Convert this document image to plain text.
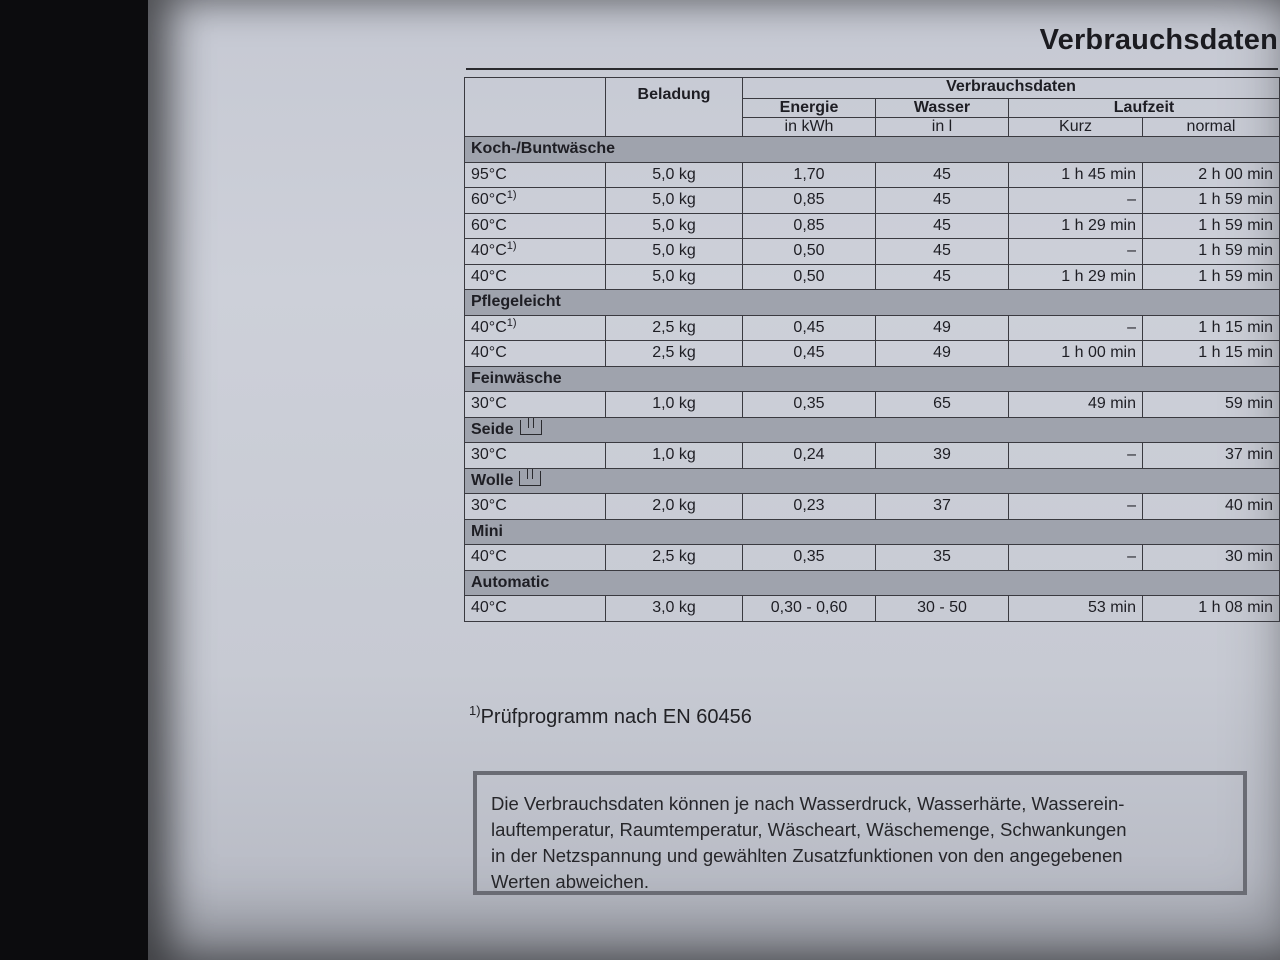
Verbrauchsdaten
	Beladung	Verbrauchsdaten			
		Energie	Wasser	Laufzeit	
		in kWh	in l	Kurz	normal
Koch-/Buntwäsche					
95°C	5,0 kg	1,70	45	1 h 45 min	2 h 00 min
$60^\circ C^{1)}$	5,0 kg	0,85	45	–	1 h 59 min
60°C	5,0 kg	0,85	45	1 h 29 min	1 h 59 min
$40^\circ C^{1)}$	5,0 kg	0,50	45	–	1 h 59 min
40°C	5,0 kg	0,50	45	1 h 29 min	1 h 59 min
Pflegeleicht					
$40^\circ C^{1)}$	2,5 kg	0,45	49	–	1 h 15 min
40°C	2,5 kg	0,45	49	1 h 00 min	1 h 15 min
Feinwäsche					
30°C	1,0 kg	0,35	65	49 min	59 min
Seide					
30°C	1,0 kg	0,24	39	–	37 min
Wolle					
30°C	2,0 kg	0,23	37	–	40 min
Mini					
40°C	2,5 kg	0,35	35	–	30 min
Automatic					
40°C	3,0 kg	0,30 - 0,60	30 - 50	53 min	1 h 08 min
$^{1)}$Prüfprogramm nach EN 60456
Die Verbrauchsdaten können je nach Wasserdruck, Wasserhärte, Wasserein-
lauftemperatur, Raumtemperatur, Wäscheart, Wäschemenge, Schwankungen
in der Netzspannung und gewählten Zusatzfunktionen von den angegebenen
Werten abweichen.
